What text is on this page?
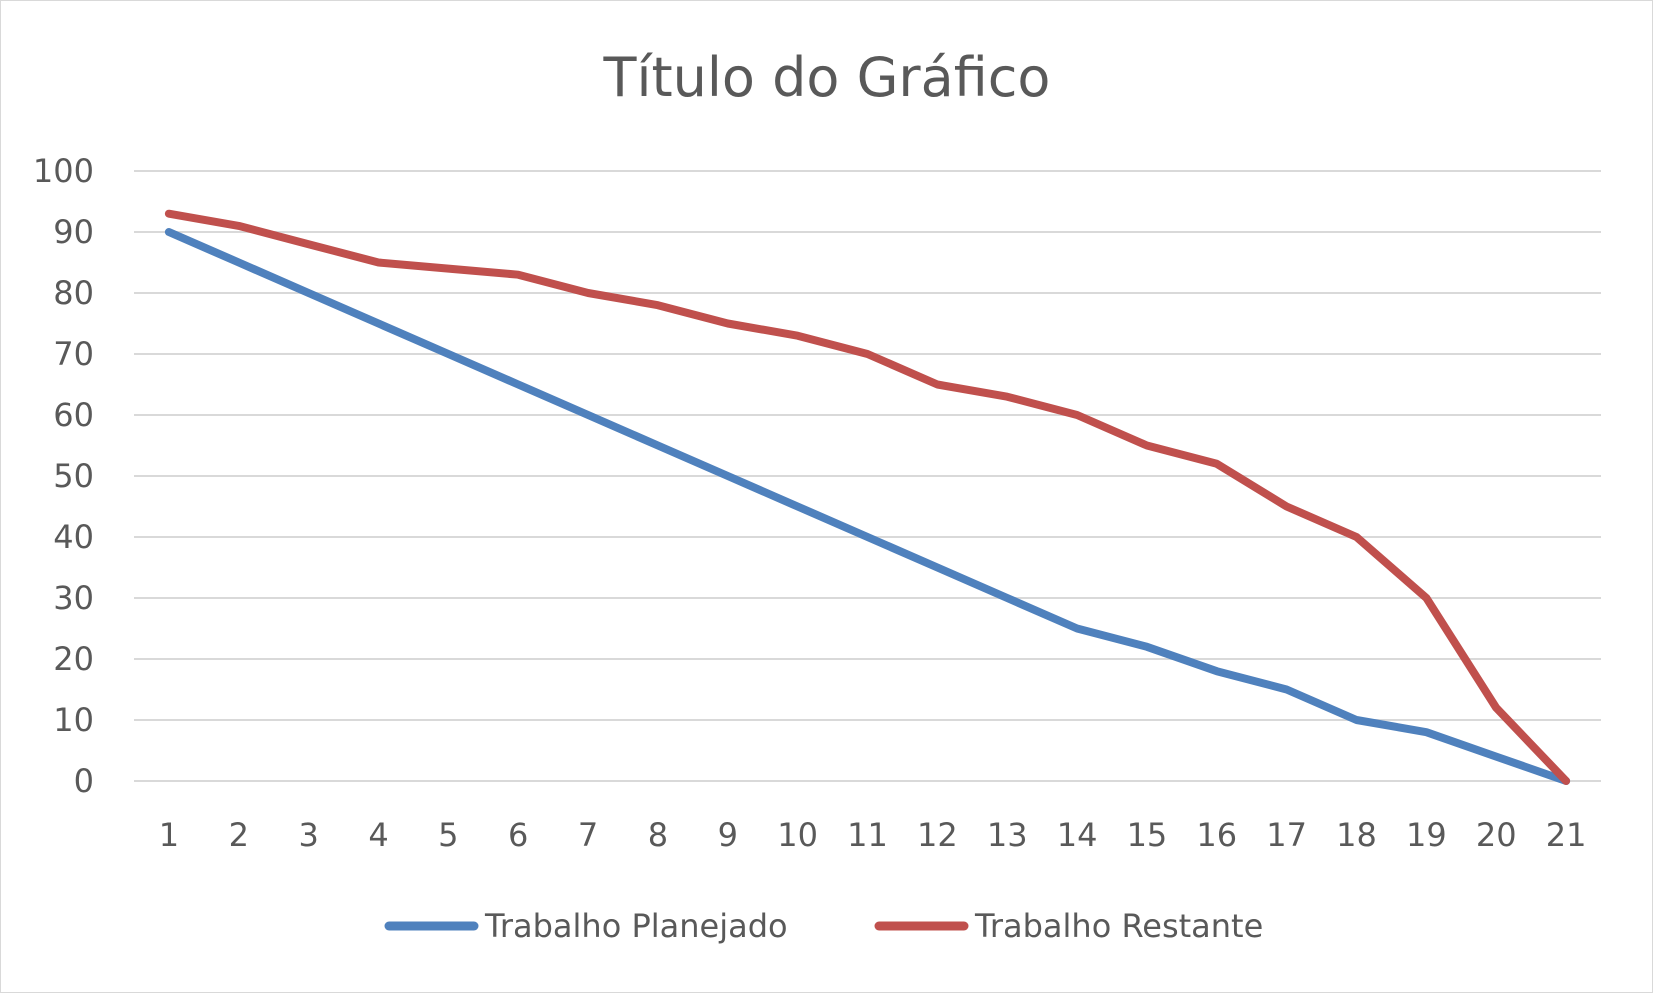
Título do Gráfico
0
10
20
30
40
50
60
70
80
90
100
1 2 3 4 5 6 7 8 9 10 11 12 13 14 15 16 17 18 19 20 21
Trabalho Planejado	Trabalho Restante
